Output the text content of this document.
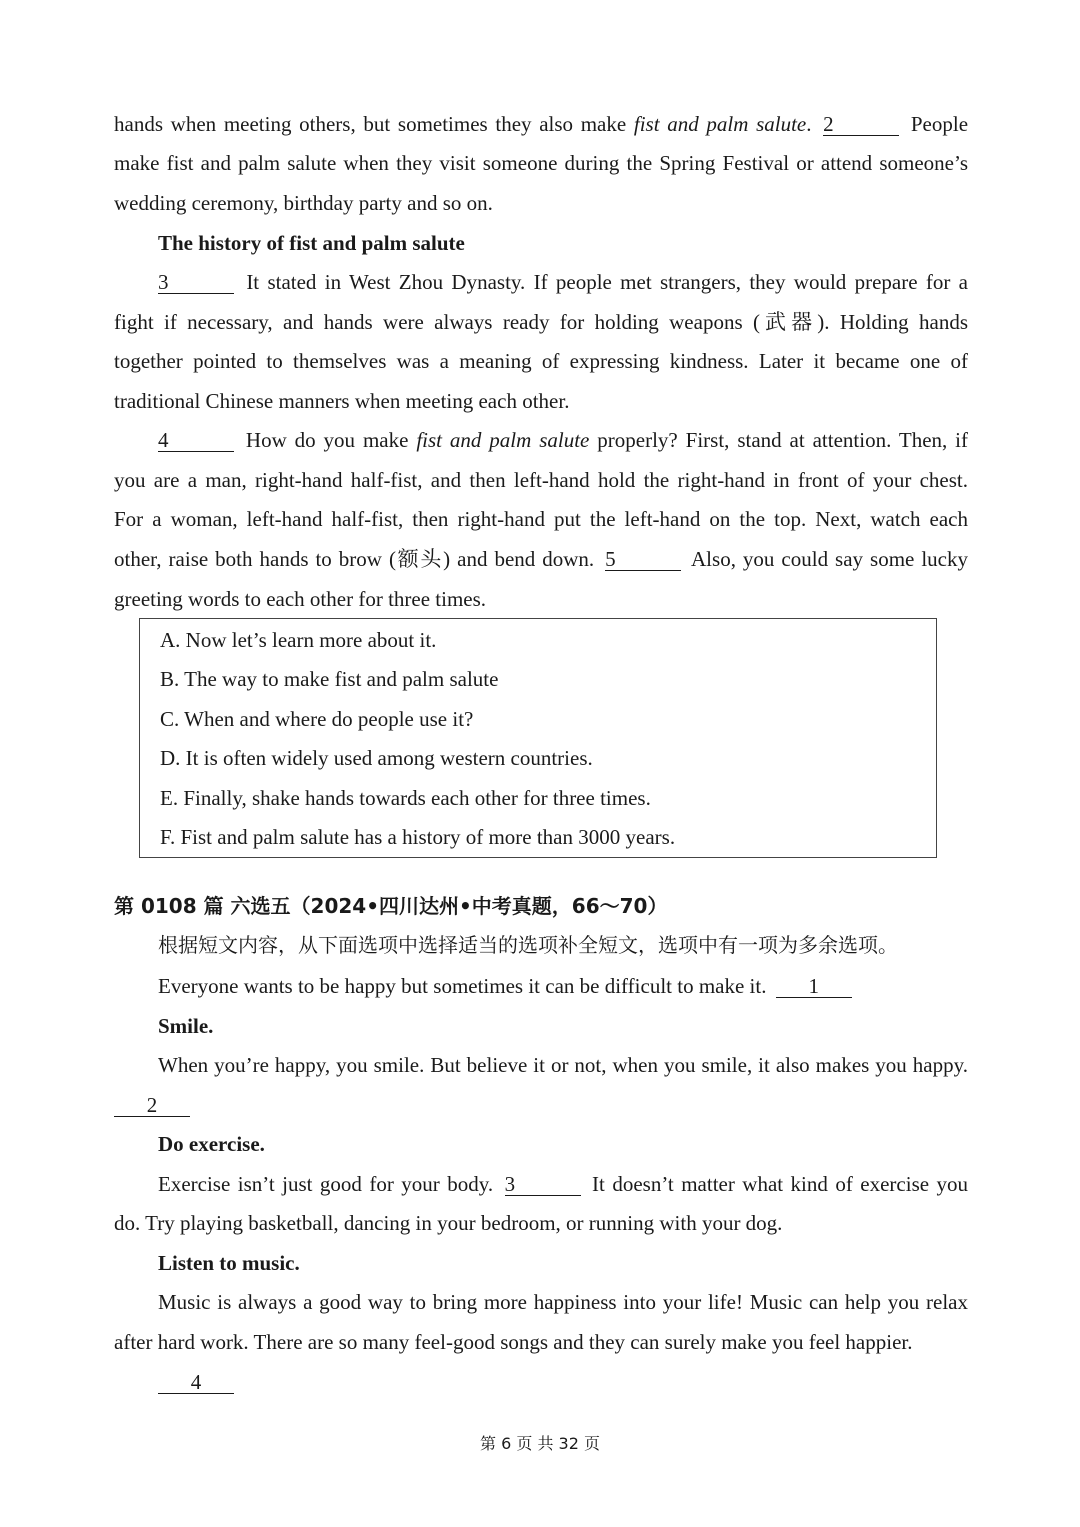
hands when meeting others, but sometimes they also make fist and palm salute. 2	People
make fist and palm salute when they visit someone during the Spring Festival or attend someone’s
wedding ceremony, birthday party and so on.
The history of fist and palm salute
3	It stated in West Zhou Dynasty. If people met strangers, they would prepare for a
fight if necessary, and hands were always ready for holding weapons (武器). Holding hands
together pointed to themselves was a meaning of expressing kindness. Later it became one of
traditional Chinese manners when meeting each other.
4	How do you make fist and palm salute properly? First, stand at attention. Then, if
you are a man, right-hand half-fist, and then left-hand hold the right-hand in front of your chest.
For a woman, left-hand half-fist, then right-hand put the left-hand on the top. Next, watch each
other, raise both hands to brow (额头) and bend down. 5	Also, you could say some lucky
greeting words to each other for three times.
A. Now let’s learn more about it.
B. The way to make fist and palm salute
C. When and where do people use it?
D. It is often widely used among western countries.
E. Finally, shake hands towards each other for three times.
F. Fist and palm salute has a history of more than 3000 years.
第 0108 篇 六选五（2024•四川达州•中考真题，66～70）
根据短文内容，从下面选项中选择适当的选项补全短文，选项中有一项为多余选项。
Everyone wants to be happy but sometimes it can be difficult to make it. 1
Smile.
When you’re happy, you smile. But believe it or not, when you smile, it also makes you happy.
2
Do exercise.
Exercise isn’t just good for your body. 3	It doesn’t matter what kind of exercise you
do. Try playing basketball, dancing in your bedroom, or running with your dog.
Listen to music.
Music is always a good way to bring more happiness into your life! Music can help you relax
after hard work. There are so many feel-good songs and they can surely make you feel happier.
4
第 6 页 共 32 页
